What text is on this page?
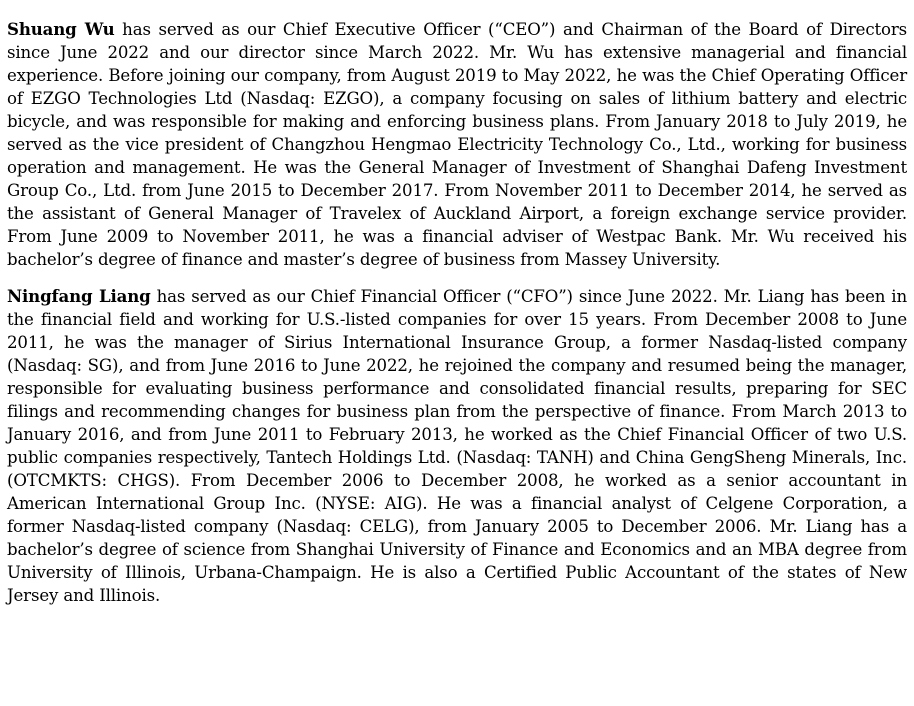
Shuang Wu has served as our Chief Executive Officer (“CEO”) and Chairman of the Board of Directors since June 2022 and our director since March 2022. Mr. Wu has extensive managerial and financial experience. Before joining our company, from August 2019 to May 2022, he was the Chief Operating Officer of EZGO Technologies Ltd (Nasdaq: EZGO), a company focusing on sales of lithium battery and electric bicycle, and was responsible for making and enforcing business plans. From January 2018 to July 2019, he served as the vice president of Changzhou Hengmao Electricity Technology Co., Ltd., working for business operation and management. He was the General Manager of Investment of Shanghai Dafeng Investment Group Co., Ltd. from June 2015 to December 2017. From November 2011 to December 2014, he served as the assistant of General Manager of Travelex of Auckland Airport, a foreign exchange service provider. From June 2009 to November 2011, he was a financial adviser of Westpac Bank. Mr. Wu received his bachelor’s degree of finance and master’s degree of business from Massey University.

Ningfang Liang has served as our Chief Financial Officer (“CFO”) since June 2022. Mr. Liang has been in the financial field and working for U.S.-listed companies for over 15 years. From December 2008 to June 2011, he was the manager of Sirius International Insurance Group, a former Nasdaq-listed company (Nasdaq: SG), and from June 2016 to June 2022, he rejoined the company and resumed being the manager, responsible for evaluating business performance and consolidated financial results, preparing for SEC filings and recommending changes for business plan from the perspective of finance. From March 2013 to January 2016, and from June 2011 to February 2013, he worked as the Chief Financial Officer of two U.S. public companies respectively, Tantech Holdings Ltd. (Nasdaq: TANH) and China GengSheng Minerals, Inc. (OTCMKTS: CHGS). From December 2006 to December 2008, he worked as a senior accountant in American International Group Inc. (NYSE: AIG). He was a financial analyst of Celgene Corporation, a former Nasdaq-listed company (Nasdaq: CELG), from January 2005 to December 2006. Mr. Liang has a bachelor’s degree of science from Shanghai University of Finance and Economics and an MBA degree from University of Illinois, Urbana-Champaign. He is also a Certified Public Accountant of the states of New Jersey and Illinois.
